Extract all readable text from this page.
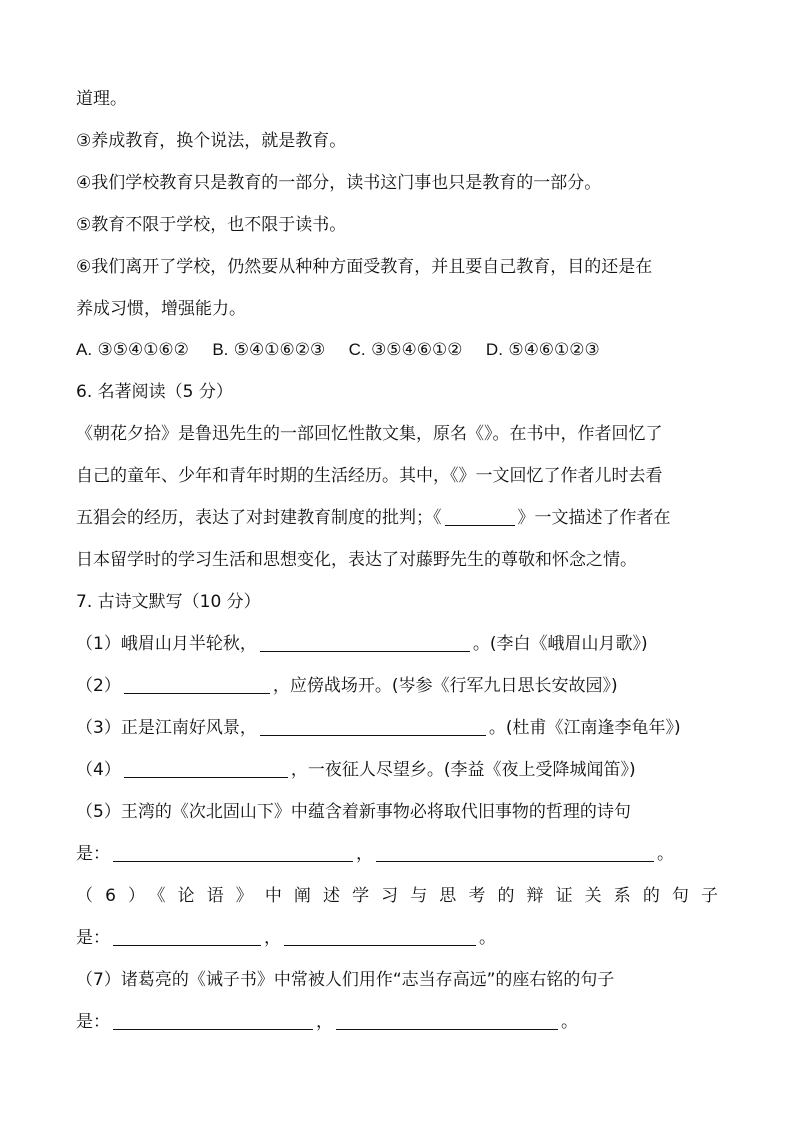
道理。
③养成教育，换个说法，就是教育。
④我们学校教育只是教育的一部分，读书这门事也只是教育的一部分。
⑤教育不限于学校，也不限于读书。
⑥我们离开了学校，仍然要从种种方面受教育，并且要自己教育，目的还是在
养成习惯，增强能力。
A. ③⑤④①⑥② B. ⑤④①⑥②③ C. ③⑤④⑥①② D. ⑤④⑥①②③
6. 名著阅读（5 分）
《朝花夕拾》是鲁迅先生的一部回忆性散文集，原名《》。在书中，作者回忆了
自己的童年、少年和青年时期的生活经历。其中，《》一文回忆了作者儿时去看
五猖会的经历，表达了对封建教育制度的批判；《	》一文描述了作者在
日本留学时的学习生活和思想变化，表达了对藤野先生的尊敬和怀念之情。
7. 古诗文默写（10 分）
（1）峨眉山月半轮秋，	。(李白《峨眉山月歌》)
（2）	，应傍战场开。(岑参《行军九日思长安故园》)
（3）正是江南好风景，	。(杜甫《江南逢李龟年》)
（4）	，一夜征人尽望乡。(李益《夜上受降城闻笛》)
（5）王湾的《次北固山下》中蕴含着新事物必将取代旧事物的哲理的诗句
是：	，	。
（6）《论语》中阐述学习与思考的辩证关系的句子
是：	，	。
（7）诸葛亮的《诫子书》中常被人们用作“志当存高远”的座右铭的句子
是：	，	。
